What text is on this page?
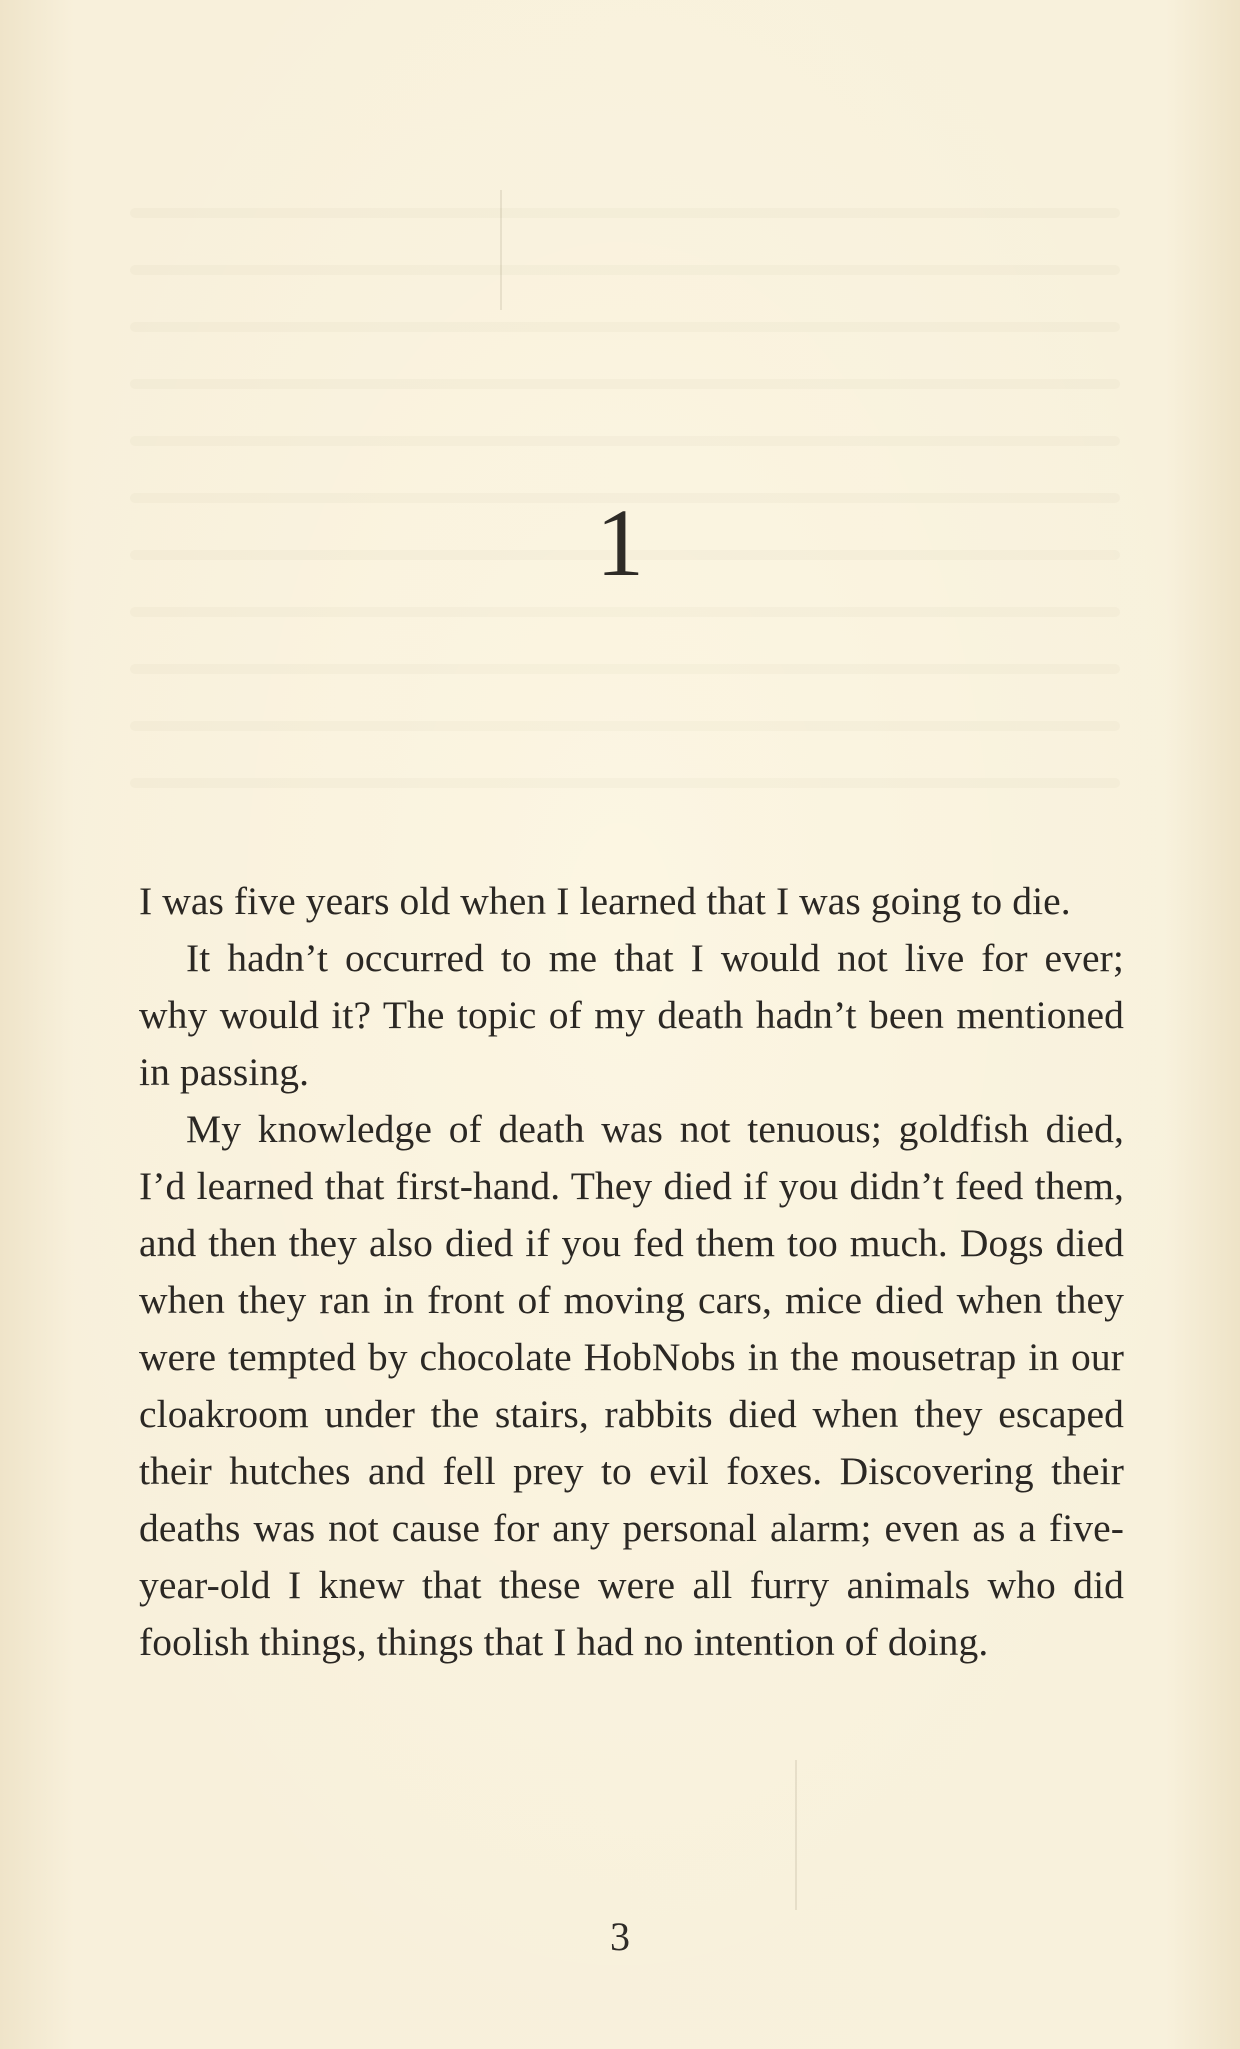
1

I was five years old when I learned that I was going to die.

It hadn’t occurred to me that I would not live for ever; why would it? The topic of my death hadn’t been mentioned in passing.

My knowledge of death was not tenuous; goldfish died, I’d learned that first-hand. They died if you didn’t feed them, and then they also died if you fed them too much. Dogs died when they ran in front of moving cars, mice died when they were tempted by chocolate HobNobs in the mousetrap in our cloakroom under the stairs, rabbits died when they escaped their hutches and fell prey to evil foxes. Discovering their deaths was not cause for any personal alarm; even as a five-year-old I knew that these were all furry animals who did foolish things, things that I had no intention of doing.

3
